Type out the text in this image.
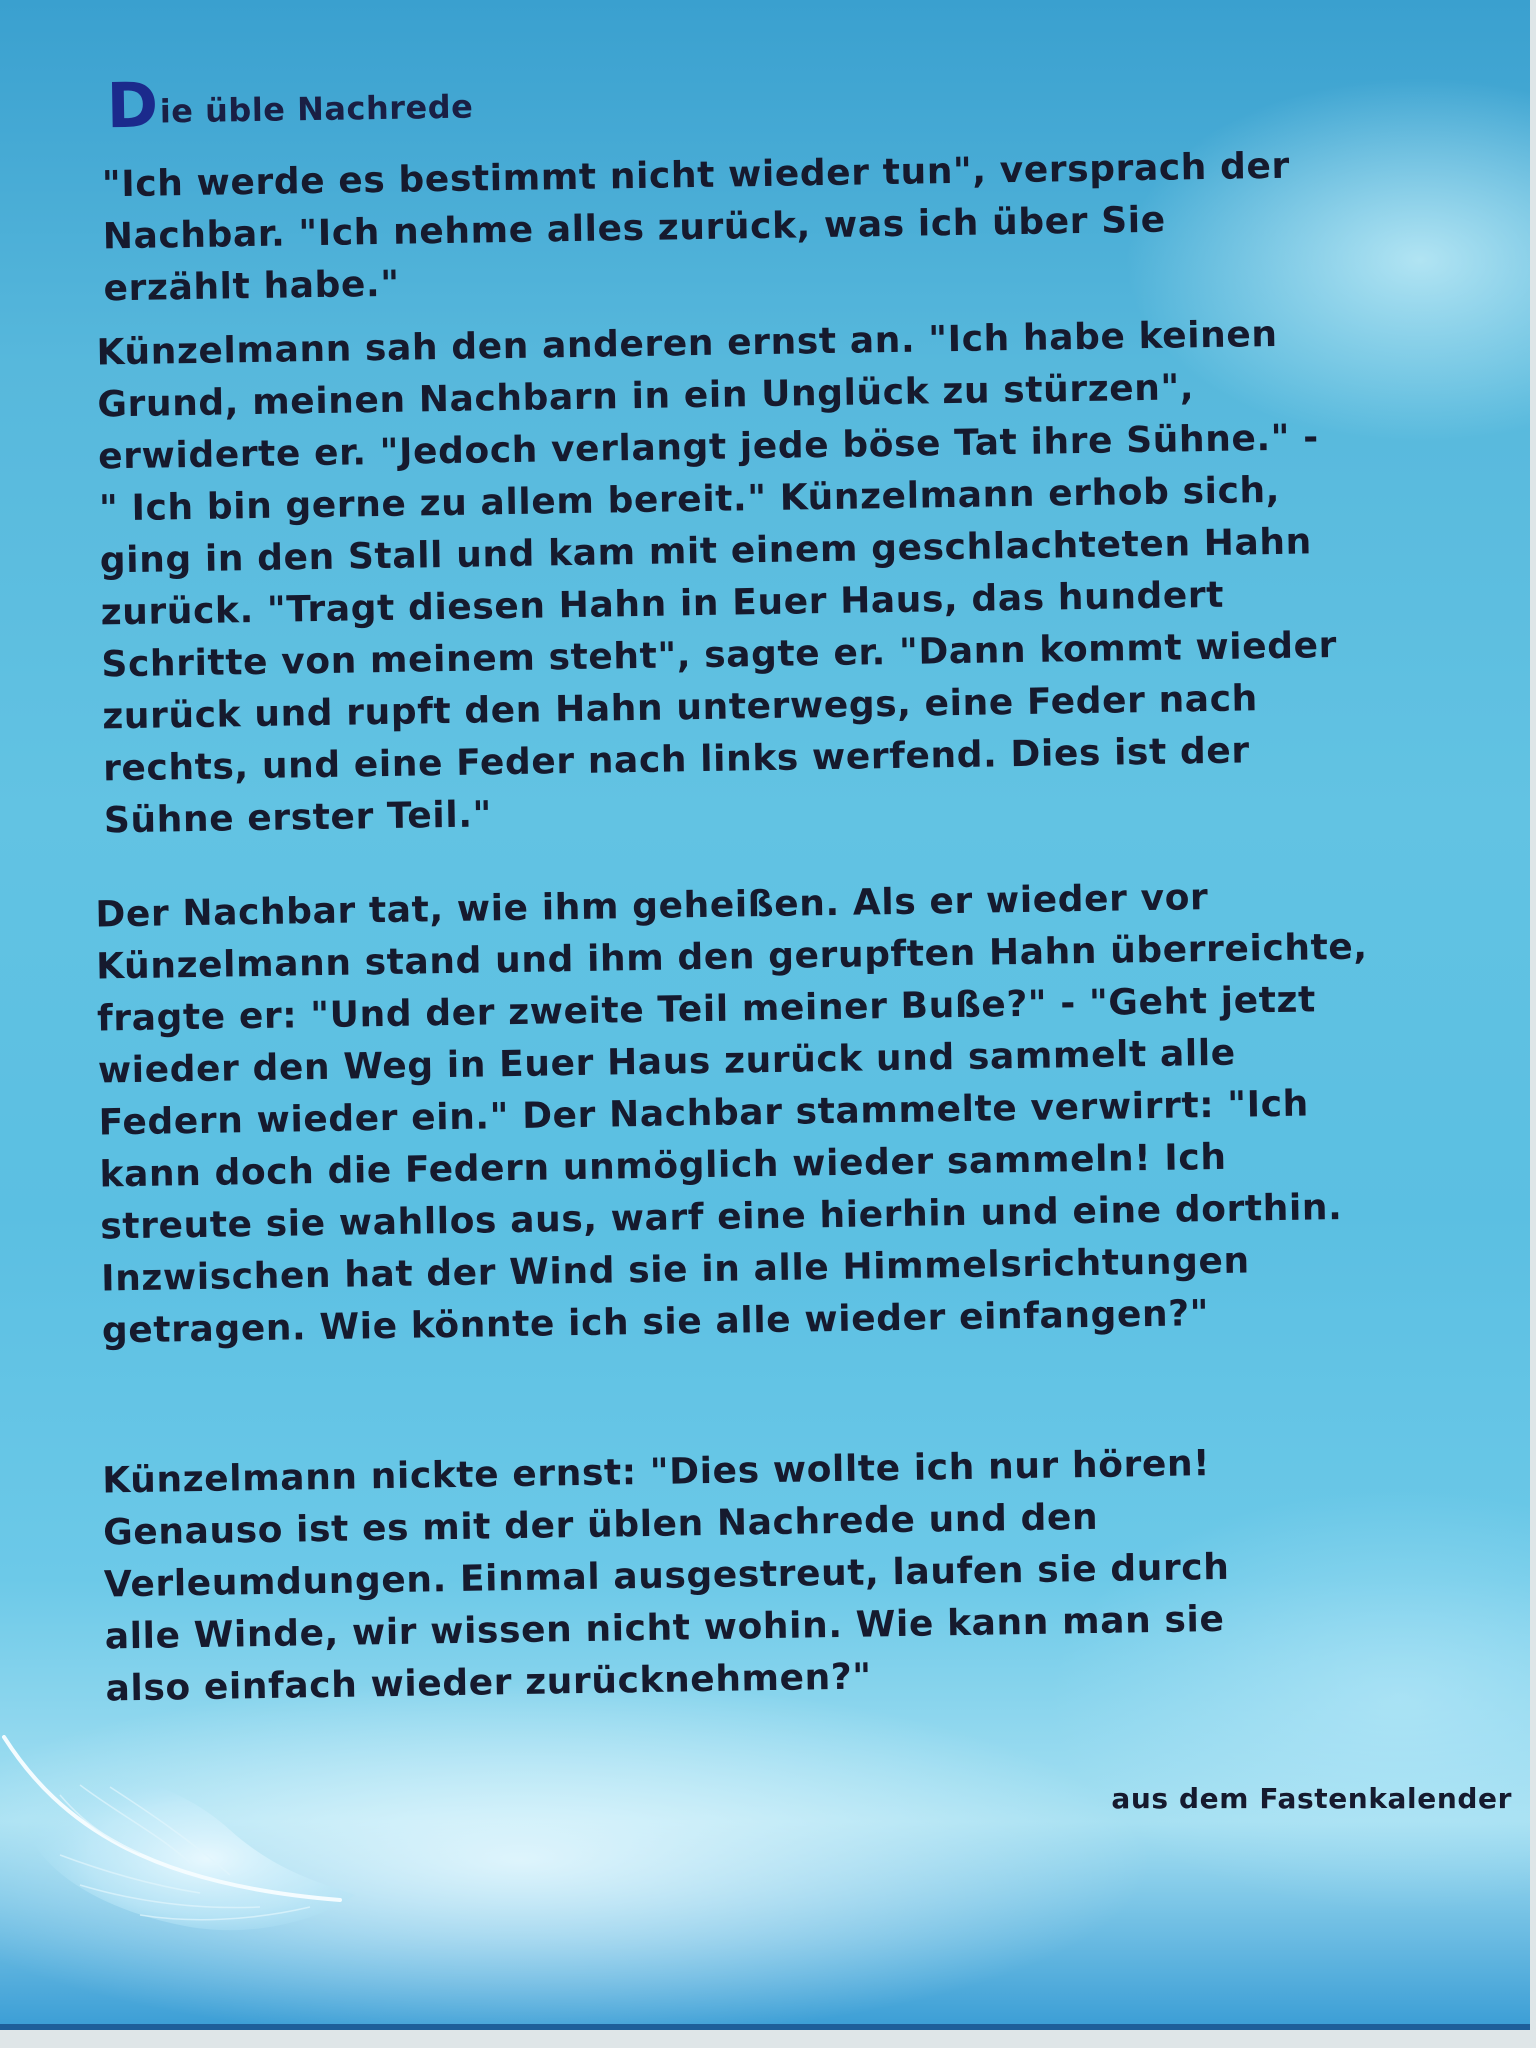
Die üble Nachrede
"Ich werde es bestimmt nicht wieder tun", versprach der
Nachbar. "Ich nehme alles zurück, was ich über Sie
erzählt habe."
Künzelmann sah den anderen ernst an. "Ich habe keinen
Grund, meinen Nachbarn in ein Unglück zu stürzen",
erwiderte er. "Jedoch verlangt jede böse Tat ihre Sühne." -
" Ich bin gerne zu allem bereit." Künzelmann erhob sich,
ging in den Stall und kam mit einem geschlachteten Hahn
zurück. "Tragt diesen Hahn in Euer Haus, das hundert
Schritte von meinem steht", sagte er. "Dann kommt wieder
zurück und rupft den Hahn unterwegs, eine Feder nach
rechts, und eine Feder nach links werfend. Dies ist der
Sühne erster Teil."
Der Nachbar tat, wie ihm geheißen. Als er wieder vor
Künzelmann stand und ihm den gerupften Hahn überreichte,
fragte er: "Und der zweite Teil meiner Buße?" - "Geht jetzt
wieder den Weg in Euer Haus zurück und sammelt alle
Federn wieder ein." Der Nachbar stammelte verwirrt: "Ich
kann doch die Federn unmöglich wieder sammeln! Ich
streute sie wahllos aus, warf eine hierhin und eine dorthin.
Inzwischen hat der Wind sie in alle Himmelsrichtungen
getragen. Wie könnte ich sie alle wieder einfangen?"
Künzelmann nickte ernst: "Dies wollte ich nur hören!
Genauso ist es mit der üblen Nachrede und den
Verleumdungen. Einmal ausgestreut, laufen sie durch
alle Winde, wir wissen nicht wohin. Wie kann man sie
also einfach wieder zurücknehmen?"
aus dem Fastenkalender
